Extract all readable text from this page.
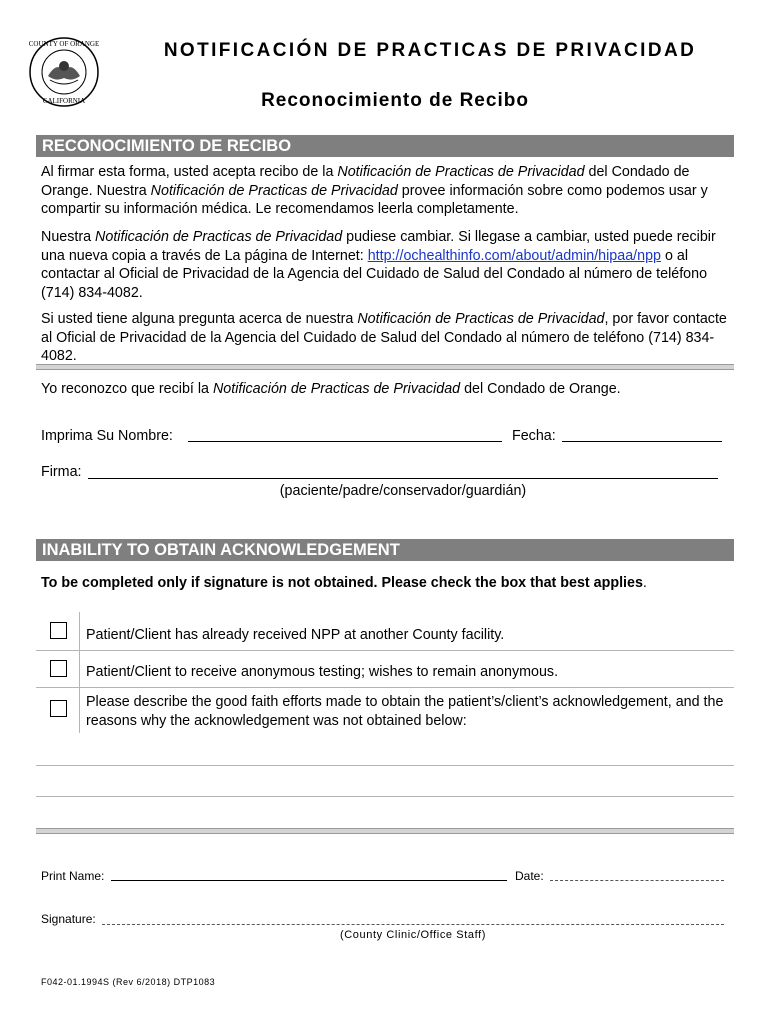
COUNTY OF ORANGE
CALIFORNIA
NOTIFICACIÓN DE PRACTICAS DE PRIVACIDAD
Reconocimiento de Recibo
RECONOCIMIENTO DE RECIBO
Al firmar esta forma, usted acepta recibo de la Notificación de Practicas de Privacidad del Condado de Orange. Nuestra Notificación de Practicas de Privacidad provee información sobre como podemos usar y compartir su información médica. Le recomendamos leerla completamente.
Nuestra Notificación de Practicas de Privacidad pudiese cambiar. Si llegase a cambiar, usted puede recibir una nueva copia a través de La página de Internet: http://ochealthinfo.com/about/admin/hipaa/npp o al contactar al Oficial de Privacidad de la Agencia del Cuidado de Salud del Condado al número de teléfono (714) 834-4082.
Si usted tiene alguna pregunta acerca de nuestra Notificación de Practicas de Privacidad, por favor contacte al Oficial de Privacidad de la Agencia del Cuidado de Salud del Condado al número de teléfono (714) 834-4082.
Yo reconozco que recibí la Notificación de Practicas de Privacidad del Condado de Orange.
Imprima Su Nombre:	Fecha:
Firma:
(paciente/padre/conservador/guardián)
INABILITY TO OBTAIN ACKNOWLEDGEMENT
To be completed only if signature is not obtained. Please check the box that best applies.
Patient/Client has already received NPP at another County facility.
Patient/Client to receive anonymous testing; wishes to remain anonymous.
Please describe the good faith efforts made to obtain the patient’s/client’s acknowledgement, and the reasons why the acknowledgement was not obtained below:
Print Name:	Date:
Signature:
(County Clinic/Office Staff)
F042-01.1994S (Rev 6/2018) DTP1083
